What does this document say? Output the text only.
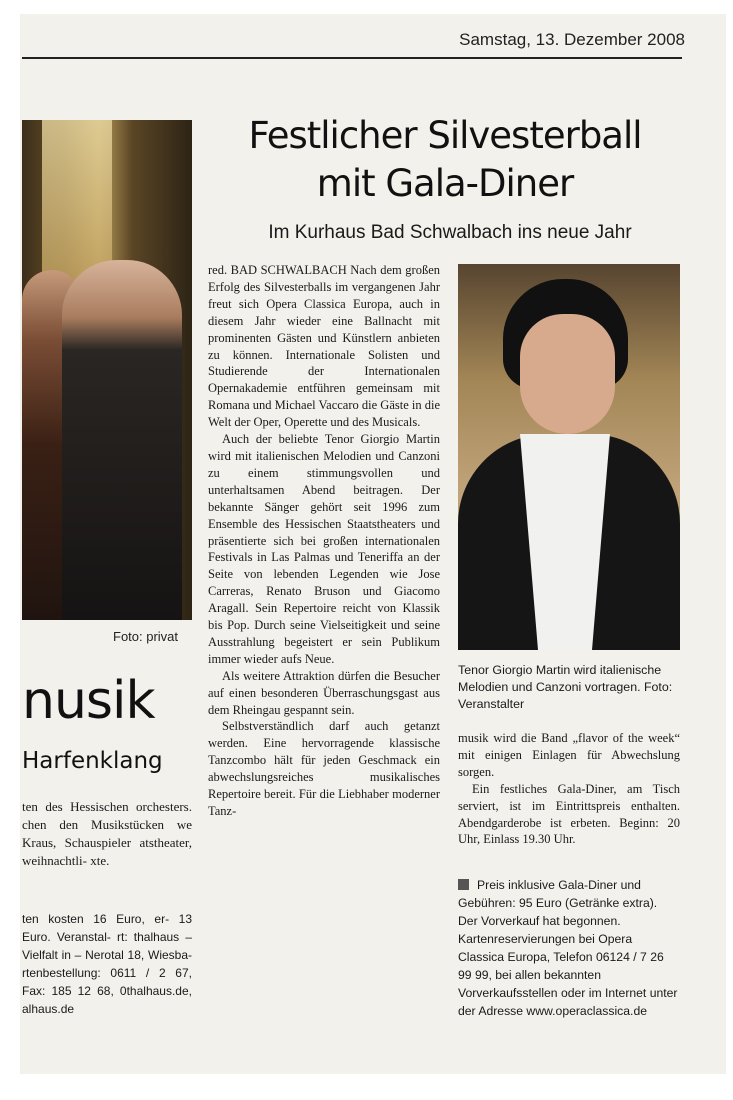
Samstag, 13. Dezember 2008
Foto: privat
nusik
Harfenklang
ten des Hessischen orchesters. chen den Musikstücken we Kraus, Schauspieler atstheater, weihnachtli- xte.
ten kosten 16 Euro, er- 13 Euro. Veranstal- rt: thalhaus – Vielfalt in – Nerotal 18, Wiesba- rtenbestellung: 0611 / 2 67, Fax: 185 12 68, 0thalhaus.de, alhaus.de
Festlicher Silvesterball
mit Gala-Diner
Im Kurhaus Bad Schwalbach ins neue Jahr

red. BAD SCHWALBACH Nach dem großen Erfolg des Silvesterballs im vergangenen Jahr freut sich Opera Classica Europa, auch in diesem Jahr wieder eine Ballnacht mit prominenten Gästen und Künstlern anbieten zu können. Internationale Solisten und Studierende der Internationalen Opernakademie entführen gemeinsam mit Romana und Michael Vaccaro die Gäste in die Welt der Oper, Operette und des Musicals.

Auch der beliebte Tenor Giorgio Martin wird mit italienischen Melodien und Canzoni zu einem stimmungsvollen und unterhaltsamen Abend beitragen. Der bekannte Sänger gehört seit 1996 zum Ensemble des Hessischen Staatstheaters und präsentierte sich bei großen internationalen Festivals in Las Palmas und Teneriffa an der Seite von lebenden Legenden wie Jose Carreras, Renato Bruson und Giacomo Aragall. Sein Repertoire reicht von Klassik bis Pop. Durch seine Vielseitigkeit und seine Ausstrahlung begeistert er sein Publikum immer wieder aufs Neue.

Als weitere Attraktion dürfen die Besucher auf einen besonderen Überraschungsgast aus dem Rheingau gespannt sein.

Selbstverständlich darf auch getanzt werden. Eine hervorragende klassische Tanzcombo hält für jeden Geschmack ein abwechslungsreiches musikalisches Repertoire bereit. Für die Liebhaber moderner Tanz-

Tenor Giorgio Martin wird italienische Melodien und Canzoni vortragen. Foto: Veranstalter

musik wird die Band „flavor of the week“ mit einigen Einlagen für Abwechslung sorgen.

Ein festliches Gala-Diner, am Tisch serviert, ist im Eintrittspreis enthalten. Abendgarderobe ist erbeten. Beginn: 20 Uhr, Einlass 19.30 Uhr.

Preis inklusive Gala-Diner und Gebühren: 95 Euro (Getränke extra). Der Vorverkauf hat begonnen. Kartenreservierungen bei Opera Classica Europa, Telefon 06124 / 7 26 99 99, bei allen bekannten Vorverkaufsstellen oder im Internet unter der Adresse www.operaclassica.de
